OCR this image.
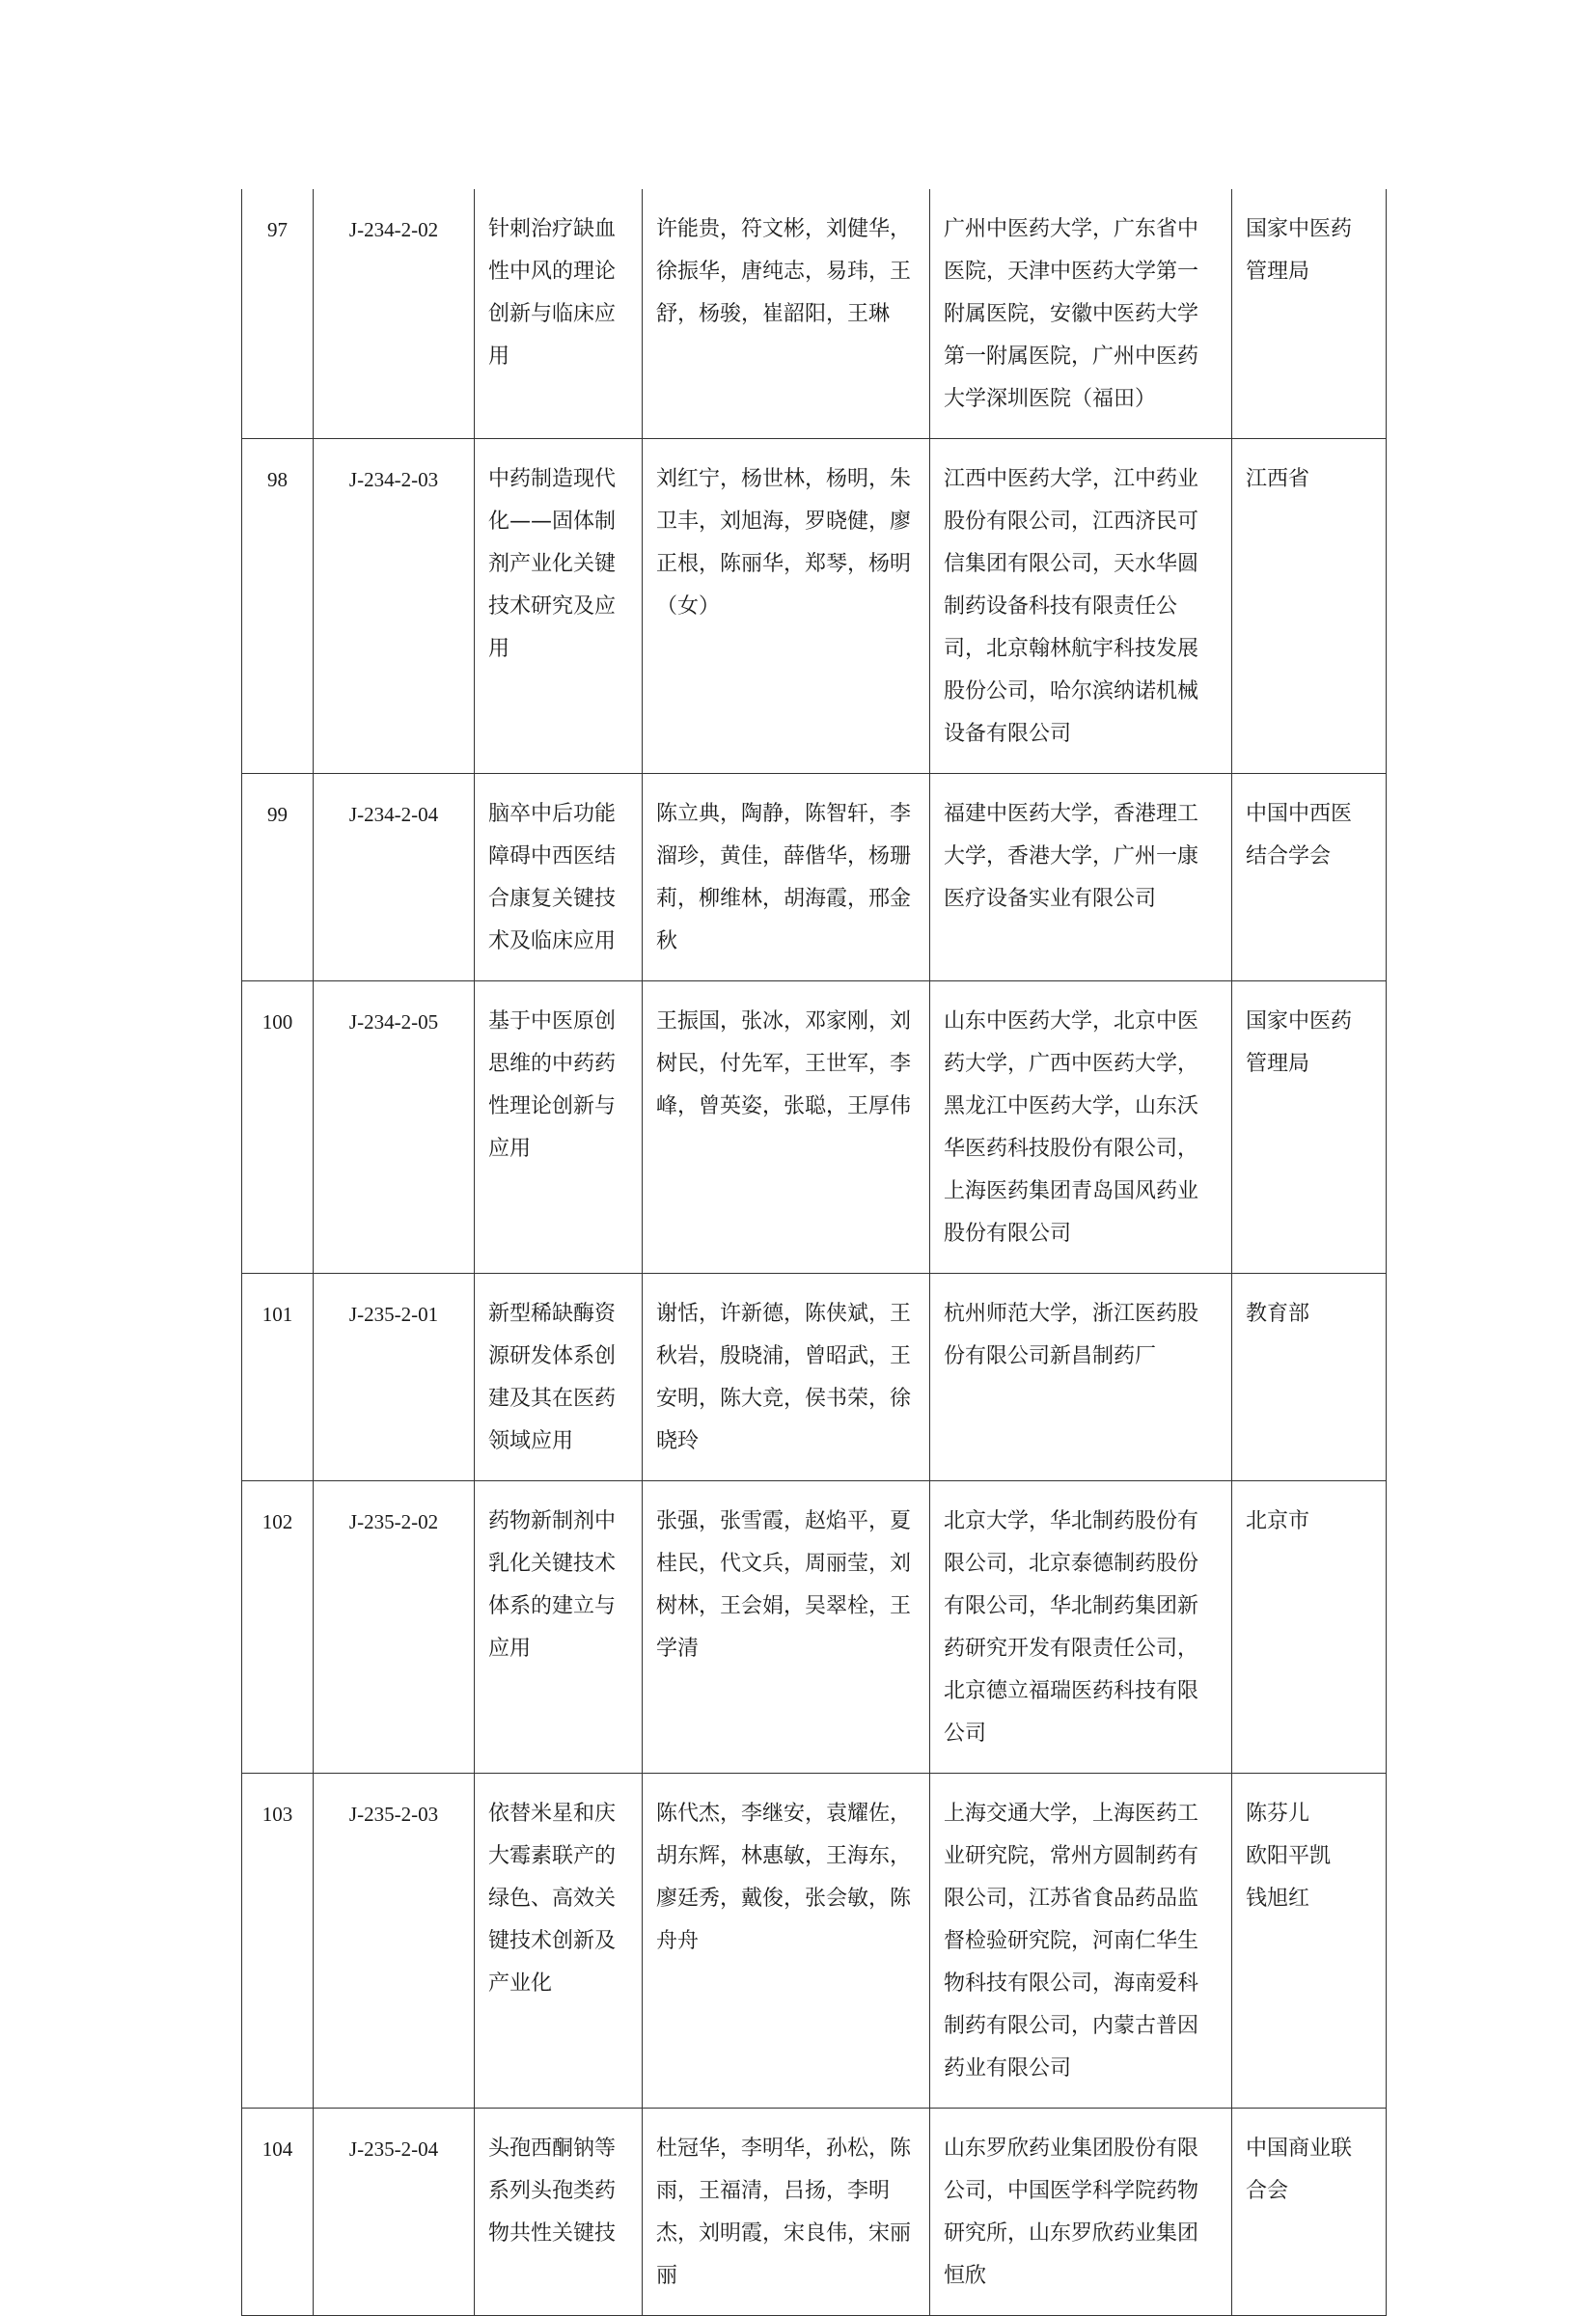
97	J-234-2-02	针刺治疗缺血性中风的理论创新与临床应用	许能贵，符文彬，刘健华，徐振华，唐纯志，易玮，王舒，杨骏，崔韶阳，王琳	广州中医药大学，广东省中医院，天津中医药大学第一附属医院，安徽中医药大学第一附属医院，广州中医药大学深圳医院（福田）	国家中医药管理局

98	J-234-2-03	中药制造现代化——固体制剂产业化关键技术研究及应用	刘红宁，杨世林，杨明，朱卫丰，刘旭海，罗晓健，廖正根，陈丽华，郑琴，杨明（女）	江西中医药大学，江中药业股份有限公司，江西济民可信集团有限公司，天水华圆制药设备科技有限责任公司，北京翰林航宇科技发展股份公司，哈尔滨纳诺机械设备有限公司	江西省

99	J-234-2-04	脑卒中后功能障碍中西医结合康复关键技术及临床应用	陈立典，陶静，陈智轩，李溜珍，黄佳，薛偕华，杨珊莉，柳维林，胡海霞，邢金秋	福建中医药大学，香港理工大学，香港大学，广州一康医疗设备实业有限公司	中国中西医结合学会

100	J-234-2-05	基于中医原创思维的中药药性理论创新与应用	王振国，张冰，邓家刚，刘树民，付先军，王世军，李峰，曾英姿，张聪，王厚伟	山东中医药大学，北京中医药大学，广西中医药大学，黑龙江中医药大学，山东沃华医药科技股份有限公司，上海医药集团青岛国风药业股份有限公司	国家中医药管理局

101	J-235-2-01	新型稀缺酶资源研发体系创建及其在医药领域应用	谢恬，许新德，陈侠斌，王秋岩，殷晓浦，曾昭武，王安明，陈大竞，侯书荣，徐晓玲	杭州师范大学，浙江医药股份有限公司新昌制药厂	教育部

102	J-235-2-02	药物新制剂中乳化关键技术体系的建立与应用	张强，张雪霞，赵焰平，夏桂民，代文兵，周丽莹，刘树林，王会娟，吴翠栓，王学清	北京大学，华北制药股份有限公司，北京泰德制药股份有限公司，华北制药集团新药研究开发有限责任公司，北京德立福瑞医药科技有限公司	北京市

103	J-235-2-03	依替米星和庆大霉素联产的绿色、高效关键技术创新及产业化	陈代杰，李继安，袁耀佐，胡东辉，林惠敏，王海东，廖廷秀，戴俊，张会敏，陈舟舟	上海交通大学，上海医药工业研究院，常州方圆制药有限公司，江苏省食品药品监督检验研究院，河南仁华生物科技有限公司，海南爱科制药有限公司，内蒙古普因药业有限公司	陈芬儿
欧阳平凯
钱旭红

104	J-235-2-04	头孢西酮钠等系列头孢类药物共性关键技	杜冠华，李明华，孙松，陈雨，王福清，吕扬，李明杰，刘明霞，宋良伟，宋丽丽	山东罗欣药业集团股份有限公司，中国医学科学院药物研究所，山东罗欣药业集团恒欣	中国商业联合会
